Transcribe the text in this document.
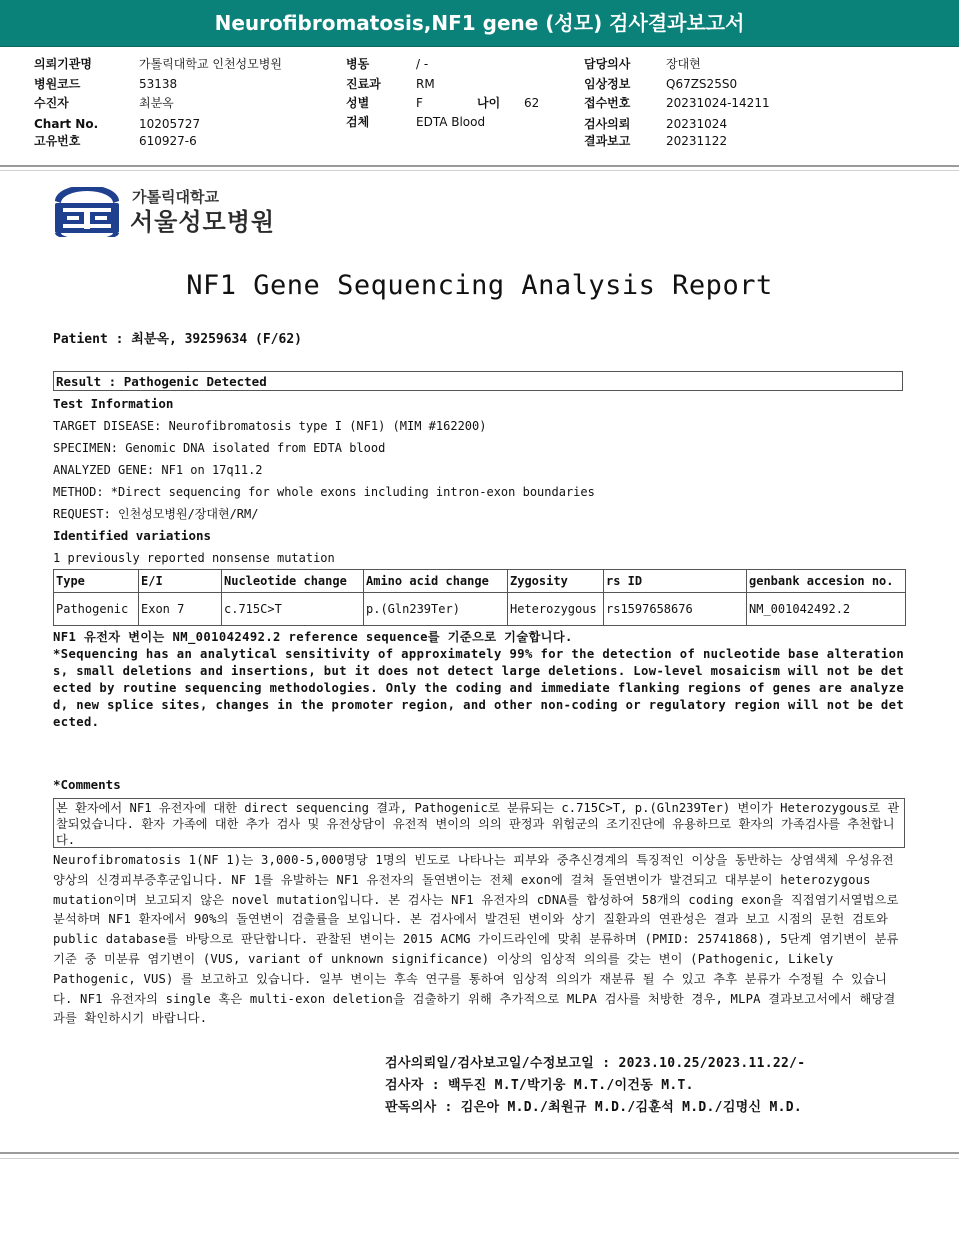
Neurofibromatosis,NF1 gene (성모) 검사결과보고서
의뢰기관명	가톨릭대학교 인천성모병원
병원코드	53138
수진자	최분옥
Chart No.	10205727
고유번호	610927-6
병동	/ -
진료과	RM
성별	F	나이 62
검체	EDTA Blood
담당의사	장대현
임상정보	Q67ZS25S0
접수번호	20231024-14211
검사의뢰	20231024
결과보고	20231122
가톨릭대학교
서울성모병원
NF1 Gene Sequencing Analysis Report
Patient : 최분옥, 39259634 (F/62)
Result : Pathogenic Detected
Test Information
TARGET DISEASE: Neurofibromatosis type I (NF1) (MIM #162200)
SPECIMEN: Genomic DNA isolated from EDTA blood
ANALYZED GENE: NF1 on 17q11.2
METHOD: *Direct sequencing for whole exons including intron-exon boundaries
REQUEST: 인천성모병원/장대현/RM/
Identified variations
1 previously reported nonsense mutation
Type	E/I	Nucleotide change	Amino acid change	Zygosity	rs ID	genbank accesion no.
Pathogenic	Exon 7	c.715C>T	p.(Gln239Ter)	Heterozygous	rs1597658676	NM_001042492.2
NF1 유전자 변이는 NM_001042492.2 reference sequence를 기준으로 기술합니다.
*Sequencing has an analytical sensitivity of approximately 99% for the detection of nucleotide base alterations, small deletions and insertions, but it does not detect large deletions. Low-level mosaicism will not be detected by routine sequencing methodologies. Only the coding and immediate flanking regions of genes are analyzed, new splice sites, changes in the promoter region, and other non-coding or regulatory region will not be detected.
*Comments
본 환자에서 NF1 유전자에 대한 direct sequencing 결과, Pathogenic로 분류되는 c.715C>T, p.(Gln239Ter) 변이가 Heterozygous로 관찰되었습니다. 환자 가족에 대한 추가 검사 및 유전상담이 유전적 변이의 의의 판정과 위험군의 조기진단에 유용하므로 환자의 가족검사를 추천합니다.
Neurofibromatosis 1(NF 1)는 3,000-5,000명당 1명의 빈도로 나타나는 피부와 중추신경계의 특징적인 이상을 동반하는 상염색체 우성유전 양상의 신경피부증후군입니다. NF 1를 유발하는 NF1 유전자의 돌연변이는 전체 exon에 걸쳐 돌연변이가 발견되고 대부분이 heterozygous mutation이며 보고되지 않은 novel mutation입니다. 본 검사는 NF1 유전자의 cDNA를 합성하여 58개의 coding exon을 직접염기서열법으로 분석하며 NF1 환자에서 90%의 돌연변이 검출률을 보입니다. 본 검사에서 발견된 변이와 상기 질환과의 연관성은 결과 보고 시점의 문헌 검토와 public database를 바탕으로 판단합니다. 관찰된 변이는 2015 ACMG 가이드라인에 맞춰 분류하며 (PMID: 25741868), 5단계 염기변이 분류 기준 중 미분류 염기변이 (VUS, variant of unknown significance) 이상의 임상적 의의를 갖는 변이 (Pathogenic, Likely Pathogenic, VUS) 를 보고하고 있습니다. 일부 변이는 후속 연구를 통하여 임상적 의의가 재분류 될 수 있고 추후 분류가 수정될 수 있습니다. NF1 유전자의 single 혹은 multi-exon deletion을 검출하기 위해 추가적으로 MLPA 검사를 처방한 경우, MLPA 결과보고서에서 해당결과를 확인하시기 바랍니다.
검사의뢰일/검사보고일/수정보고일 : 2023.10.25/2023.11.22/-
검사자 : 백두진 M.T/박기웅 M.T./이건동 M.T.
판독의사 : 김은아 M.D./최원규 M.D./김훈석 M.D./김명신 M.D.
